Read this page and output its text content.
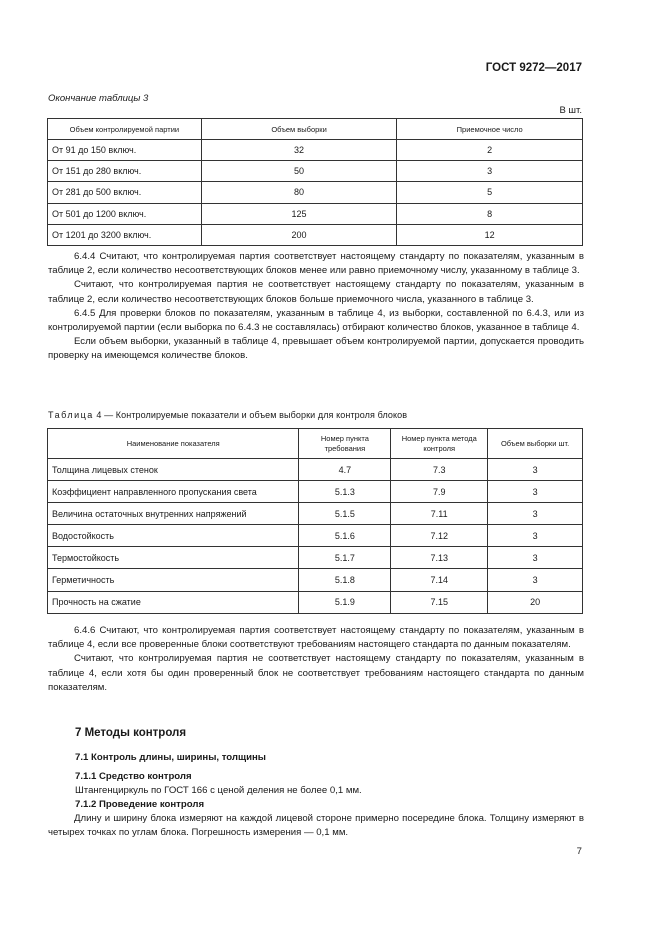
ГОСТ 9272—2017
Окончание таблицы 3
В шт.
Объем контролируемой партии	Объем выборки	Приемочное число
От 91 до 150 включ.	32	2
От 151 до 280 включ.	50	3
От 281 до 500 включ.	80	5
От 501 до 1200 включ.	125	8
От 1201 до 3200 включ.	200	12

6.4.4 Считают, что контролируемая партия соответствует настоящему стандарту по показателям, указанным в таблице 2, если количество несоответствующих блоков менее или равно приемочному числу, указанному в таблице 3.

Считают, что контролируемая партия не соответствует настоящему стандарту по показателям, указанным в таблице 2, если количество несоответствующих блоков больше приемочного числа, указанного в таблице 3.

6.4.5 Для проверки блоков по показателям, указанным в таблице 4, из выборки, составленной по 6.4.3, или из контролируемой партии (если выборка по 6.4.3 не составлялась) отбирают количество блоков, указанное в таблице 4.

Если объем выборки, указанный в таблице 4, превышает объем контролируемой партии, допускается проводить проверку на имеющемся количестве блоков.

Таблица 4 — Контролируемые показатели и объем выборки для контроля блоков
Наименование показателя	Номер пункта требования	Номер пункта метода контроля	Объем выборки шт.
Толщина лицевых стенок	4.7	7.3	3
Коэффициент направленного пропускания света	5.1.3	7.9	3
Величина остаточных внутренних напряжений	5.1.5	7.11	3
Водостойкость	5.1.6	7.12	3
Термостойкость	5.1.7	7.13	3
Герметичность	5.1.8	7.14	3
Прочность на сжатие	5.1.9	7.15	20

6.4.6 Считают, что контролируемая партия соответствует настоящему стандарту по показателям, указанным в таблице 4, если все проверенные блоки соответствуют требованиям настоящего стандарта по данным показателям.

Считают, что контролируемая партия не соответствует настоящему стандарту по показателям, указанным в таблице 4, если хотя бы один проверенный блок не соответствует требованиям настоящего стандарта по данным показателям.

7 Методы контроля
7.1 Контроль длины, ширины, толщины
7.1.1 Средство контроля
Штангенциркуль по ГОСТ 166 с ценой деления не более 0,1 мм.
7.1.2 Проведение контроля

Длину и ширину блока измеряют на каждой лицевой стороне примерно посередине блока. Толщину измеряют в четырех точках по углам блока. Погрешность измерения — 0,1 мм.

7
